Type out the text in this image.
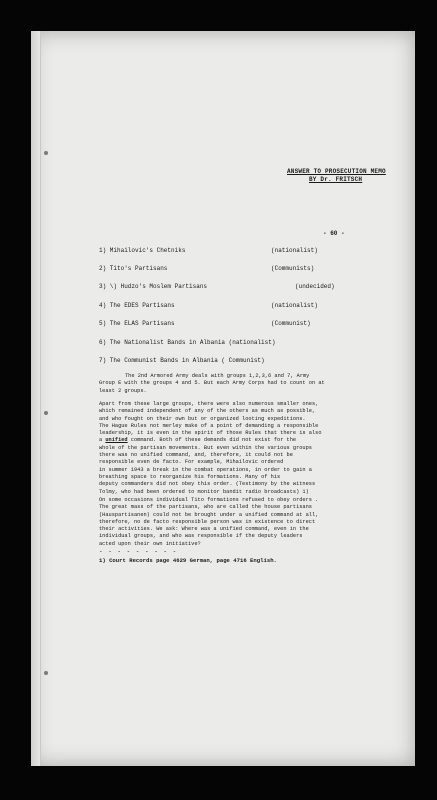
ANSWER TO PROSECUTION MEMO
BY Dr. FRITSCH
- 60 -
1) Mihailovic's Chetniks	(nationalist)
2) Tito's Partisans	(Communists)
3) \) Hudzo's Moslem Partisans	(undecided)
4) The EDES Partisans	(nationalist)
5) The ELAS Partisans	(Communist)
6) The Nationalist Bands in Albania (nationalist)
7) The Communist Bands in Albania ( Communist)
The 2nd Armored Army deals with groups 1,2,3,6 and 7, Army
Group E with the groups 4 and 5. But each Army Corps had to count on at
least 2 groups.
Apart from these large groups, there were also numerous smaller ones,
which remained independent of any of the others as much as possible,
and who fought on their own but or organized looting expeditions.
The Hague Rules not merley make of a point of demanding a responsible
leadership, it is even in the spirit of those Rules that there is also
a unified command. Both of these demands did not exist for the
whole of the partisan movements. But even within the various groups
there was no unified command, and, therefore, it could not be
responsible even de facto. For example, Mihailovic ordered
in summer 1943 a break in the combat operations, in order to gain a
breathing space to reorganize his formations. Many of his
deputy commanders did not obey this order. (Testimony by the witness
Tolmy, who had been ordered to monitor bandit radio broadcasts) 1)
On some occasions individual Tito formations refused to obey orders .
The great mass of the partisans, who are called the house partisans
(Hauspartisanen) could not be brought under a unified command at all,
therefore, no de facto responsible person was in existence to direct
their activities. We ask: Where was a unified command, even in the
individual groups, and who was responsible if the deputy leaders
acted upon their own initiative?
- - - - - - - - -
1) Court Records page 4629 German, page 4716 English.
